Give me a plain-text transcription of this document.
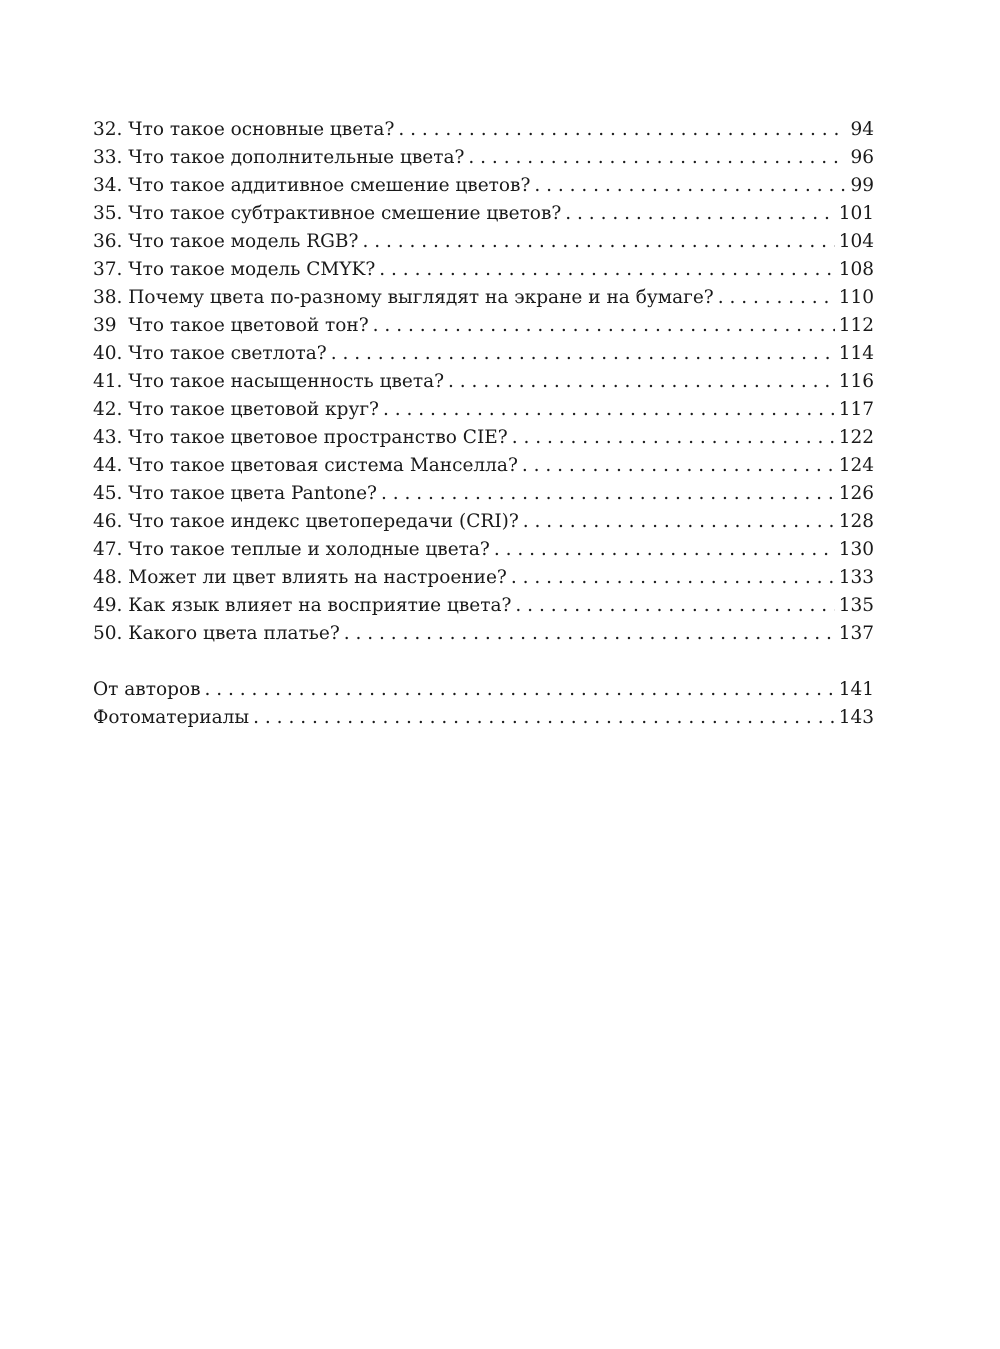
32. Что такое основные цвета? . . .	94
33. Что такое дополнительные цвета? . . .	96
34. Что такое аддитивное смешение цветов? . . .	99
35. Что такое субтрактивное смешение цветов? . . .	101
36. Что такое модель RGB? . . .	104
37. Что такое модель CMYK? . . .	108
38. Почему цвета по-разному выглядят на экране и на бумаге? . . .	110
39  Что такое цветовой тон? . . .	112
40. Что такое светлота? . . .	114
41. Что такое насыщенность цвета? . . .	116
42. Что такое цветовой круг? . . .	117
43. Что такое цветовое пространство CIE? . . .	122
44. Что такое цветовая система Манселла? . . .	124
45. Что такое цвета Pantone? . . .	126
46. Что такое индекс цветопередачи (CRI)? . . .	128
47. Что такое теплые и холодные цвета? . . .	130
48. Может ли цвет влиять на настроение? . . .	133
49. Как язык влияет на восприятие цвета? . . .	135
50. Какого цвета платье? . . .	137
От авторов . . .	141
Фотоматериалы . . .	143
